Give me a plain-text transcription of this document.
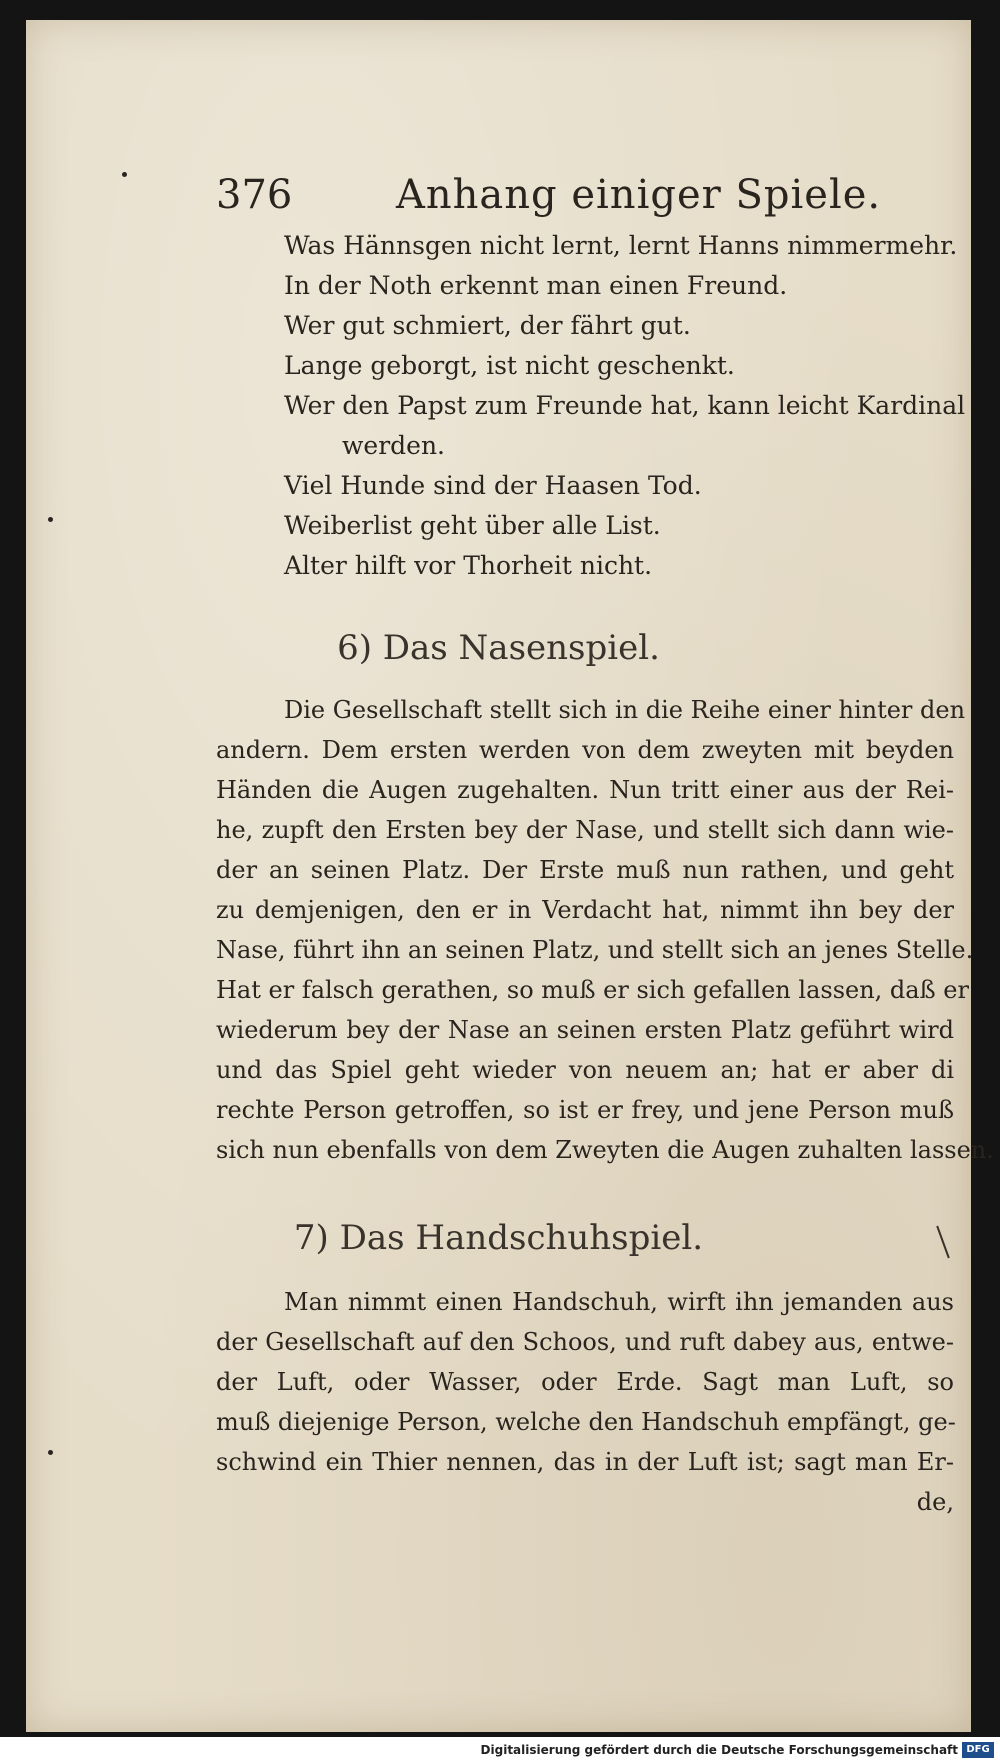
376	Anhang einiger Spiele.
Was Hännsgen nicht lernt, lernt Hanns nimmermehr.
In der Noth erkennt man einen Freund.
Wer gut schmiert, der fährt gut.
Lange geborgt, ist nicht geschenkt.
Wer den Papst zum Freunde hat, kann leicht Kardinal
werden.
Viel Hunde sind der Haasen Tod.
Weiberlist geht über alle List.
Alter hilft vor Thorheit nicht.
6) Das Nasenspiel.
Die Gesellschaft stellt sich in die Reihe einer hinter den
andern. Dem ersten werden von dem zweyten mit beyden
Händen die Augen zugehalten. Nun tritt einer aus der Rei-
he, zupft den Ersten bey der Nase, und stellt sich dann wie-
der an seinen Platz. Der Erste muß nun rathen, und geht
zu demjenigen, den er in Verdacht hat, nimmt ihn bey der
Nase, führt ihn an seinen Platz, und stellt sich an jenes Stelle.
Hat er falsch gerathen, so muß er sich gefallen lassen, daß er
wiederum bey der Nase an seinen ersten Platz geführt wird
und das Spiel geht wieder von neuem an; hat er aber di
rechte Person getroffen, so ist er frey, und jene Person muß
sich nun ebenfalls von dem Zweyten die Augen zuhalten lassen.
7) Das Handschuhspiel.
Man nimmt einen Handschuh, wirft ihn jemanden aus
der Gesellschaft auf den Schoos, und ruft dabey aus, entwe-
der Luft, oder Wasser, oder Erde. Sagt man Luft, so
muß diejenige Person, welche den Handschuh empfängt, ge-
schwind ein Thier nennen, das in der Luft ist; sagt man Er-
de,
Digitalisierung gefördert durch die Deutsche Forschungsgemeinschaft DFG
